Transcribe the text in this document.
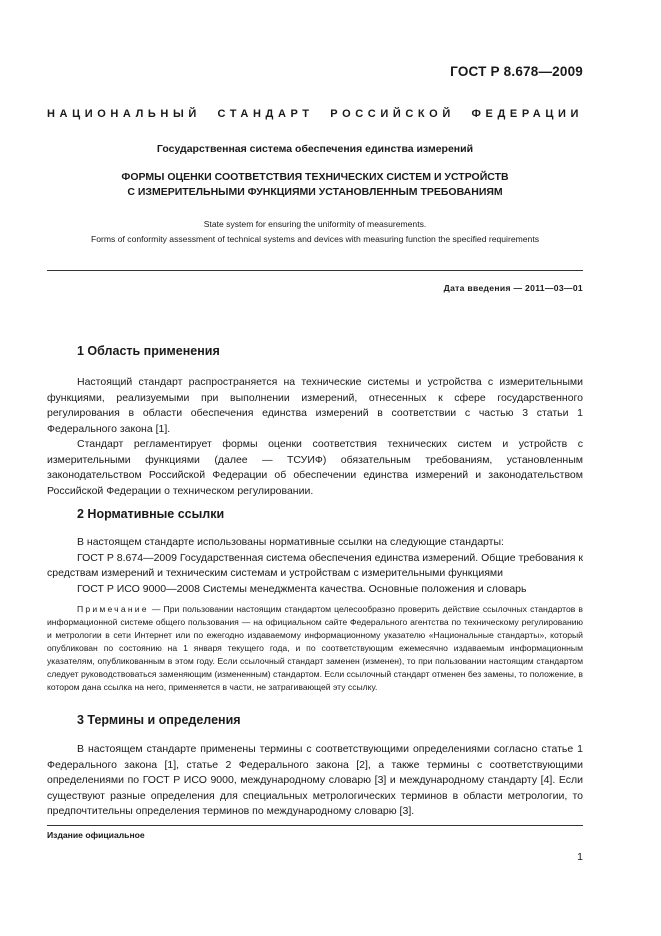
ГОСТ Р 8.678—2009
НАЦИОНАЛЬНЫЙ СТАНДАРТ РОССИЙСКОЙ ФЕДЕРАЦИИ
Государственная система обеспечения единства измерений
ФОРМЫ ОЦЕНКИ СООТВЕТСТВИЯ ТЕХНИЧЕСКИХ СИСТЕМ И УСТРОЙСТВ
С ИЗМЕРИТЕЛЬНЫМИ ФУНКЦИЯМИ УСТАНОВЛЕННЫМ ТРЕБОВАНИЯМ
State system for ensuring the uniformity of measurements.
Forms of conformity assessment of technical systems and devices with measuring function the specified requirements
Дата введения — 2011—03—01
1 Область применения

Настоящий стандарт распространяется на технические системы и устройства с измерительными функциями, реализуемыми при выполнении измерений, отнесенных к сфере государственного регулирования в области обеспечения единства измерений в соответствии с частью 3 статьи 1 Федерального закона [1].

Стандарт регламентирует формы оценки соответствия технических систем и устройств с измерительными функциями (далее — ТСУИФ) обязательным требованиям, установленным законодательством Российской Федерации об обеспечении единства измерений и законодательством Российской Федерации о техническом регулировании.

2 Нормативные ссылки

В настоящем стандарте использованы нормативные ссылки на следующие стандарты:

ГОСТ Р 8.674—2009 Государственная система обеспечения единства измерений. Общие требования к средствам измерений и техническим системам и устройствам с измерительными функциями

ГОСТ Р ИСО 9000—2008 Системы менеджмента качества. Основные положения и словарь

Примечание — При пользовании настоящим стандартом целесообразно проверить действие ссылочных стандартов в информационной системе общего пользования — на официальном сайте Федерального агентства по техническому регулированию и метрологии в сети Интернет или по ежегодно издаваемому информационному указателю «Национальные стандарты», который опубликован по состоянию на 1 января текущего года, и по соответствующим ежемесячно издаваемым информационным указателям, опубликованным в этом году. Если ссылочный стандарт заменен (изменен), то при пользовании настоящим стандартом следует руководствоваться заменяющим (измененным) стандартом. Если ссылочный стандарт отменен без замены, то положение, в котором дана ссылка на него, применяется в части, не затрагивающей эту ссылку.

3 Термины и определения

В настоящем стандарте применены термины с соответствующими определениями согласно статье 1 Федерального закона [1], статье 2 Федерального закона [2], а также термины с соответствующими определениями по ГОСТ Р ИСО 9000, международному словарю [3] и международному стандарту [4]. Если существуют разные определения для специальных метрологических терминов в области метрологии, то предпочтительны определения терминов по международному словарю [3].

Издание официальное
1
